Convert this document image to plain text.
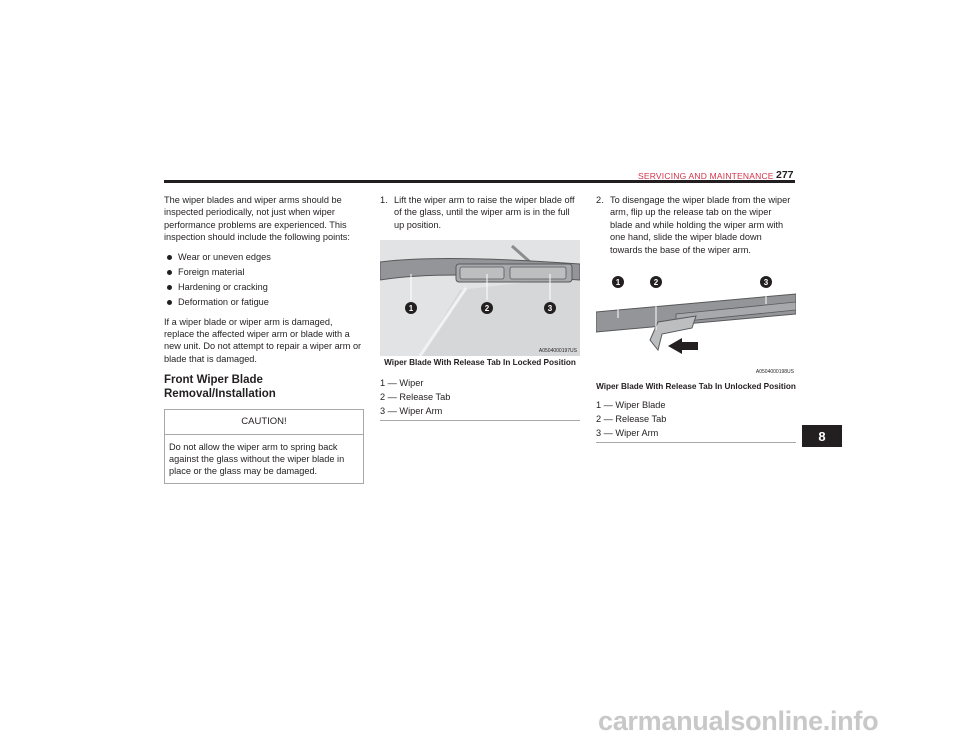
SERVICING AND MAINTENANCE 277

The wiper blades and wiper arms should be inspected periodically, not just when wiper performance problems are experienced. This inspection should include the following points:

Wear or uneven edges
Foreign material
Hardening or cracking
Deformation or fatigue

If a wiper blade or wiper arm is damaged, replace the affected wiper arm or blade with a new unit. Do not attempt to repair a wiper arm or blade that is damaged.

Front Wiper Blade Removal/Installation
CAUTION!
Do not allow the wiper arm to spring back against the glass without the wiper blade in place or the glass may be damaged.
1. Lift the wiper arm to raise the wiper blade off of the glass, until the wiper arm is in the full up position.
1	2	3
A0504000197US
Wiper Blade With Release Tab In Locked Position
1 — Wiper
2 — Release Tab
3 — Wiper Arm
2. To disengage the wiper blade from the wiper arm, flip up the release tab on the wiper blade and while holding the wiper arm with one hand, slide the wiper blade down towards the base of the wiper arm.
1	2	3
A0504000198US
Wiper Blade With Release Tab In Unlocked Position
1 — Wiper Blade
2 — Release Tab
3 — Wiper Arm	8
carmanualsonline.info
